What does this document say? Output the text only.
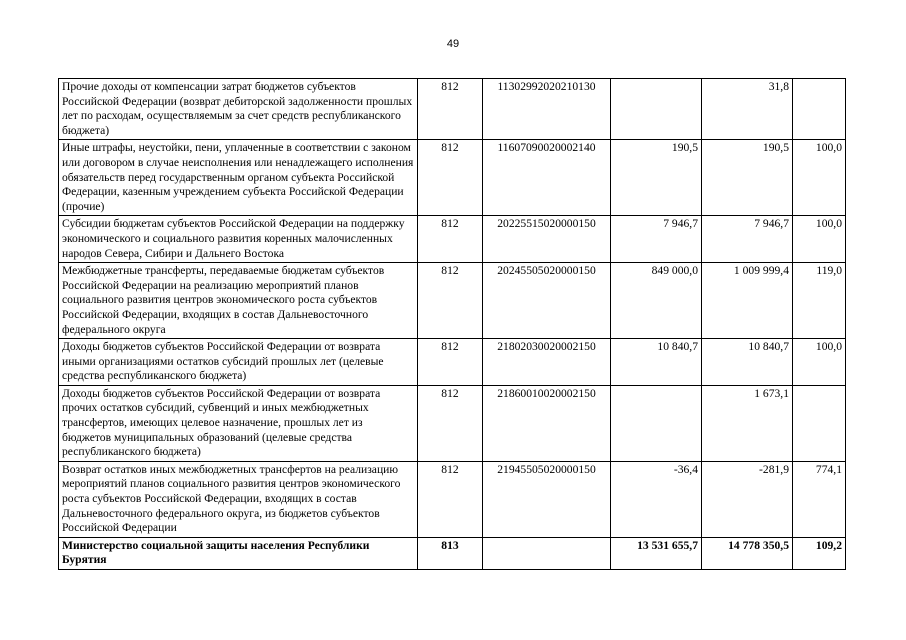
49
Прочие доходы от компенсации затрат бюджетов субъектов Российской Федерации (возврат дебиторской задолженности прошлых лет по расходам, осуществляемым за счет средств республиканского бюджета)	812	11302992020210130		31,8	
Иные штрафы, неустойки, пени, уплаченные в соответствии с законом или договором в случае неисполнения или ненадлежащего исполнения обязательств перед государственным органом субъекта Российской Федерации, казенным учреждением субъекта Российской Федерации (прочие)	812	11607090020002140	190,5	190,5	100,0
Субсидии бюджетам субъектов Российской Федерации на поддержку экономического и социального развития коренных малочисленных народов Севера, Сибири и Дальнего Востока	812	20225515020000150	7 946,7	7 946,7	100,0
Межбюджетные трансферты, передаваемые бюджетам субъектов Российской Федерации на реализацию мероприятий планов социального развития центров экономического роста субъектов Российской Федерации, входящих в состав Дальневосточного федерального округа	812	20245505020000150	849 000,0	1 009 999,4	119,0
Доходы бюджетов субъектов Российской Федерации от возврата иными организациями остатков субсидий прошлых лет (целевые средства республиканского бюджета)	812	21802030020002150	10 840,7	10 840,7	100,0
Доходы бюджетов субъектов Российской Федерации от возврата прочих остатков субсидий, субвенций и иных межбюджетных трансфертов, имеющих целевое назначение, прошлых лет из бюджетов муниципальных образований (целевые средства республиканского бюджета)	812	21860010020002150		1 673,1	
Возврат остатков иных межбюджетных трансфертов на реализацию мероприятий планов социального развития центров экономического роста субъектов Российской Федерации, входящих в состав Дальневосточного федерального округа, из бюджетов субъектов Российской Федерации	812	21945505020000150	-36,4	-281,9	774,1
Министерство социальной защиты населения Республики Бурятия	813		13 531 655,7	14 778 350,5	109,2
